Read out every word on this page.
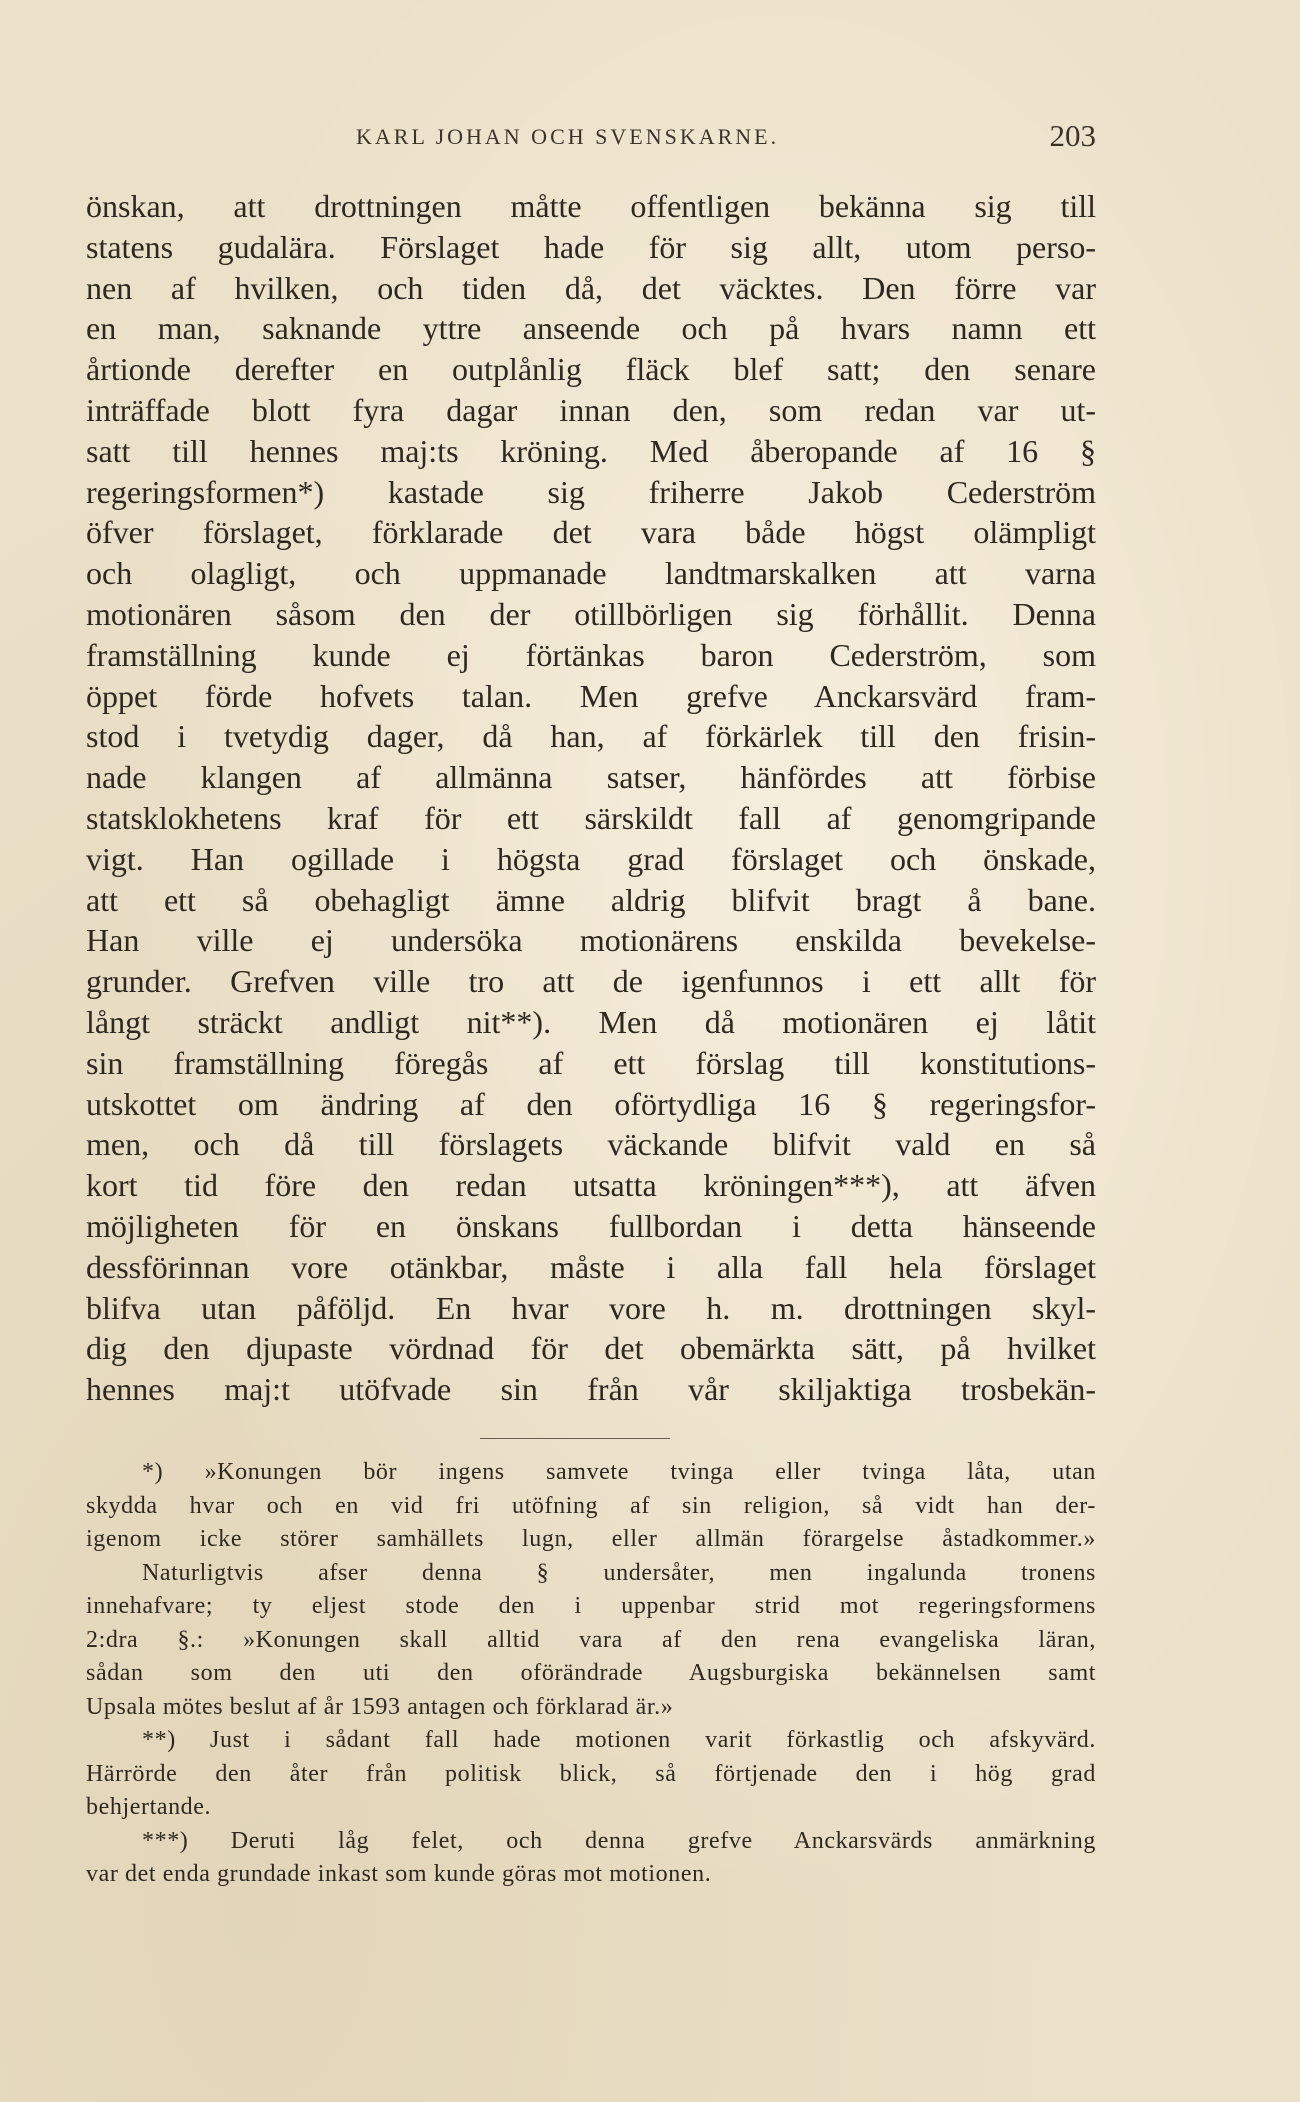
KARL JOHAN OCH SVENSKARNE.	203
önskan, att drottningen måtte offentligen bekänna sig till
statens gudalära. Förslaget hade för sig allt, utom perso-
nen af hvilken, och tiden då, det väcktes. Den förre var
en man, saknande yttre anseende och på hvars namn ett
årtionde derefter en outplånlig fläck blef satt; den senare
inträffade blott fyra dagar innan den, som redan var ut-
satt till hennes maj:ts kröning. Med åberopande af 16 §
regeringsformen*) kastade sig friherre Jakob Cederström
öfver förslaget, förklarade det vara både högst olämpligt
och olagligt, och uppmanade landtmarskalken att varna
motionären såsom den der otillbörligen sig förhållit. Denna
framställning kunde ej förtänkas baron Cederström, som
öppet förde hofvets talan. Men grefve Anckarsvärd fram-
stod i tvetydig dager, då han, af förkärlek till den frisin-
nade klangen af allmänna satser, hänfördes att förbise
statsklokhetens kraf för ett särskildt fall af genomgripande
vigt. Han ogillade i högsta grad förslaget och önskade,
att ett så obehagligt ämne aldrig blifvit bragt å bane.
Han ville ej undersöka motionärens enskilda bevekelse-
grunder. Grefven ville tro att de igenfunnos i ett allt för
långt sträckt andligt nit**). Men då motionären ej låtit
sin framställning föregås af ett förslag till konstitutions-
utskottet om ändring af den oförtydliga 16 § regeringsfor-
men, och då till förslagets väckande blifvit vald en så
kort tid före den redan utsatta kröningen***), att äfven
möjligheten för en önskans fullbordan i detta hänseende
dessförinnan vore otänkbar, måste i alla fall hela förslaget
blifva utan påföljd. En hvar vore h. m. drottningen skyl-
dig den djupaste vördnad för det obemärkta sätt, på hvilket
hennes maj:t utöfvade sin från vår skiljaktiga trosbekän-
*) »Konungen bör ingens samvete tvinga eller tvinga låta, utan
skydda hvar och en vid fri utöfning af sin religion, så vidt han der-
igenom icke störer samhällets lugn, eller allmän förargelse åstadkommer.»
Naturligtvis afser denna § undersåter, men ingalunda tronens
innehafvare; ty eljest stode den i uppenbar strid mot regeringsformens
2:dra §.: »Konungen skall alltid vara af den rena evangeliska läran,
sådan som den uti den oförändrade Augsburgiska bekännelsen samt
Upsala mötes beslut af år 1593 antagen och förklarad är.»
**) Just i sådant fall hade motionen varit förkastlig och afskyvärd.
Härrörde den åter från politisk blick, så förtjenade den i hög grad
behjertande.
***) Deruti låg felet, och denna grefve Anckarsvärds anmärkning
var det enda grundade inkast som kunde göras mot motionen.
